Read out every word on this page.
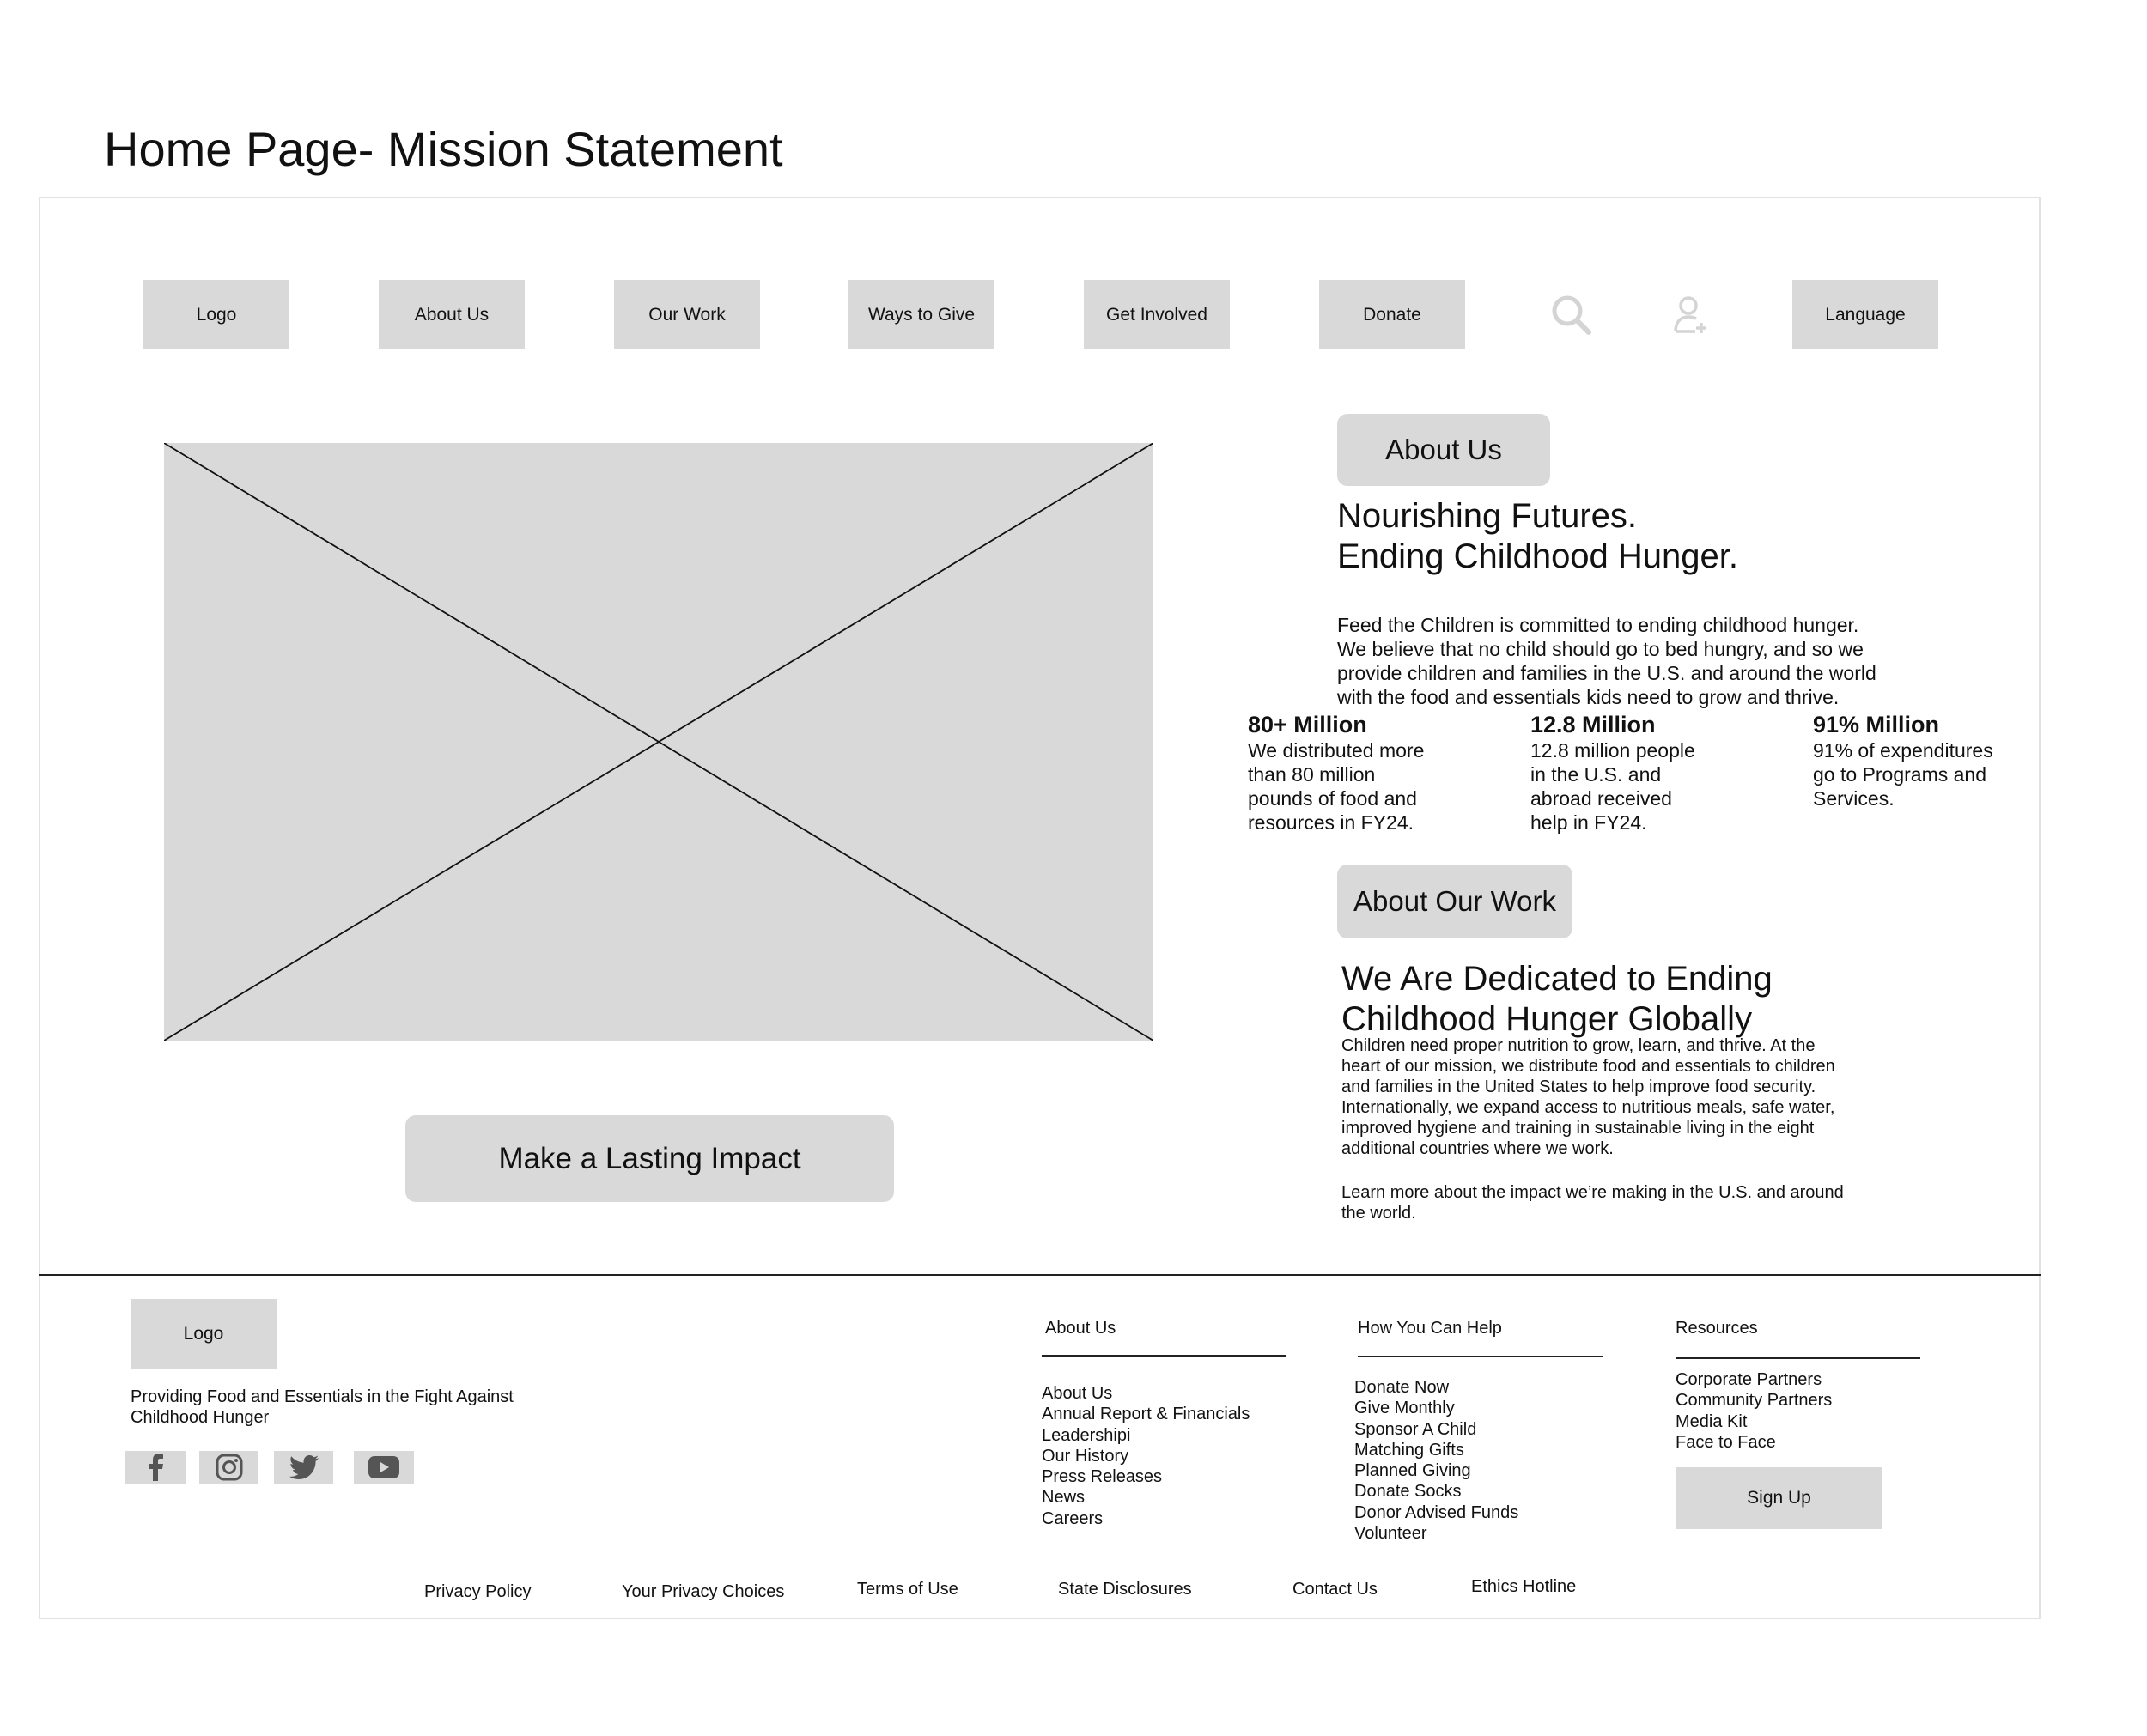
Home Page- Mission Statement
Logo	About Us	Our Work	Ways to Give	Get Involved	Donate	Language
Make a Lasting Impact
About Us
Nourishing Futures.
Ending Childhood Hunger.
Feed the Children is committed to ending childhood hunger.
We believe that no child should go to bed hungry, and so we
provide children and families in the U.S. and around the world
with the food and essentials kids need to grow and thrive.
80+ Million
We distributed more
than 80 million
pounds of food and
resources in FY24.
12.8 Million
12.8 million people
in the U.S. and
abroad received
help in FY24.
91% Million
91% of expenditures
go to Programs and
Services.
About Our Work
We Are Dedicated to Ending
Childhood Hunger Globally
Children need proper nutrition to grow, learn, and thrive. At the
heart of our mission, we distribute food and essentials to children
and families in the United States to help improve food security.
Internationally, we expand access to nutritious meals, safe water,
improved hygiene and training in sustainable living in the eight
additional countries where we work.
Learn more about the impact we’re making in the U.S. and around
the world.
Logo
Providing Food and Essentials in the Fight Against
Childhood Hunger
About Us
About Us
Annual Report & Financials
Leadershipi
Our History
Press Releases
News
Careers
How You Can Help
Donate Now
Give Monthly
Sponsor A Child
Matching Gifts
Planned Giving
Donate Socks
Donor Advised Funds
Volunteer
Resources
Corporate Partners
Community Partners
Media Kit
Face to Face
Sign Up
Privacy Policy	Your Privacy Choices	Terms of Use	State Disclosures	Contact Us	Ethics Hotline
